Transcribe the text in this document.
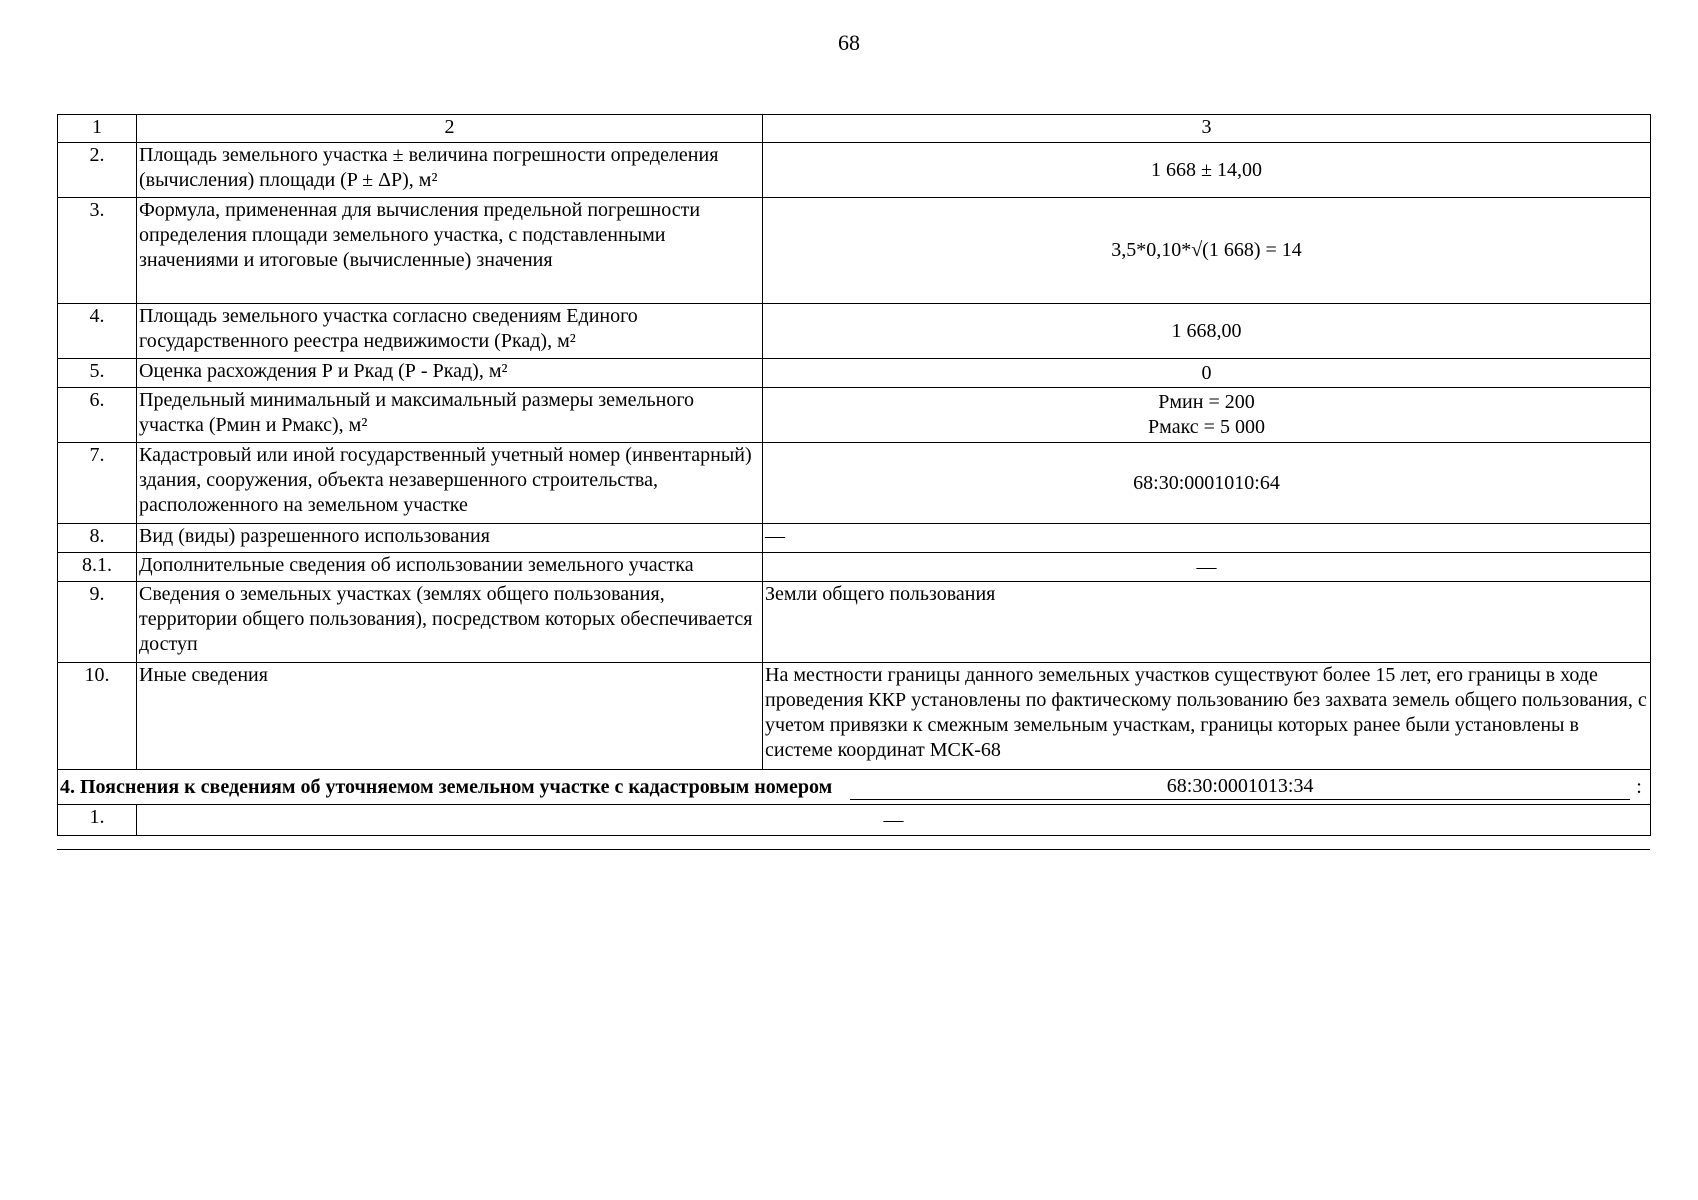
68
1	2	3
2.	Площадь земельного участка ± величина погрешности определения (вычисления) площади (P ± ΔP), м²	1 668 ± 14,00
3.	Формула, примененная для вычисления предельной погрешности определения площади земельного участка, с подставленными значениями и итоговые (вычисленные) значения	3,5*0,10*√(1 668) = 14
4.	Площадь земельного участка согласно сведениям Единого государственного реестра недвижимости (Ркад), м²	1 668,00
5.	Оценка расхождения Р и Ркад (Р - Ркад), м²	0
6.	Предельный минимальный и максимальный размеры земельного участка (Рмин и Рмакс), м²	Рмин = 200
Рмакс = 5 000

7.	Кадастровый или иной государственный учетный номер (инвентарный) здания, сооружения, объекта незавершенного строительства, расположенного на земельном участке	68:30:0001010:64
8.	Вид (виды) разрешенного использования	—
8.1.	Дополнительные сведения об использовании земельного участка	—
9.	Сведения о земельных участках (землях общего пользования, территории общего пользования), посредством которых обеспечивается доступ	Земли общего пользования
10.	Иные сведения	На местности границы данного земельных участков существуют более 15 лет, его границы в ходе проведения ККР установлены по фактическому пользованию без захвата земель общего пользования, с учетом привязки к смежным земельным участкам, границы которых ранее были установлены в системе координат МСК-68

4. Пояснения к сведениям об уточняемом земельном участке с кадастровым номером 68:30:0001013:34 :		

1.	—	
